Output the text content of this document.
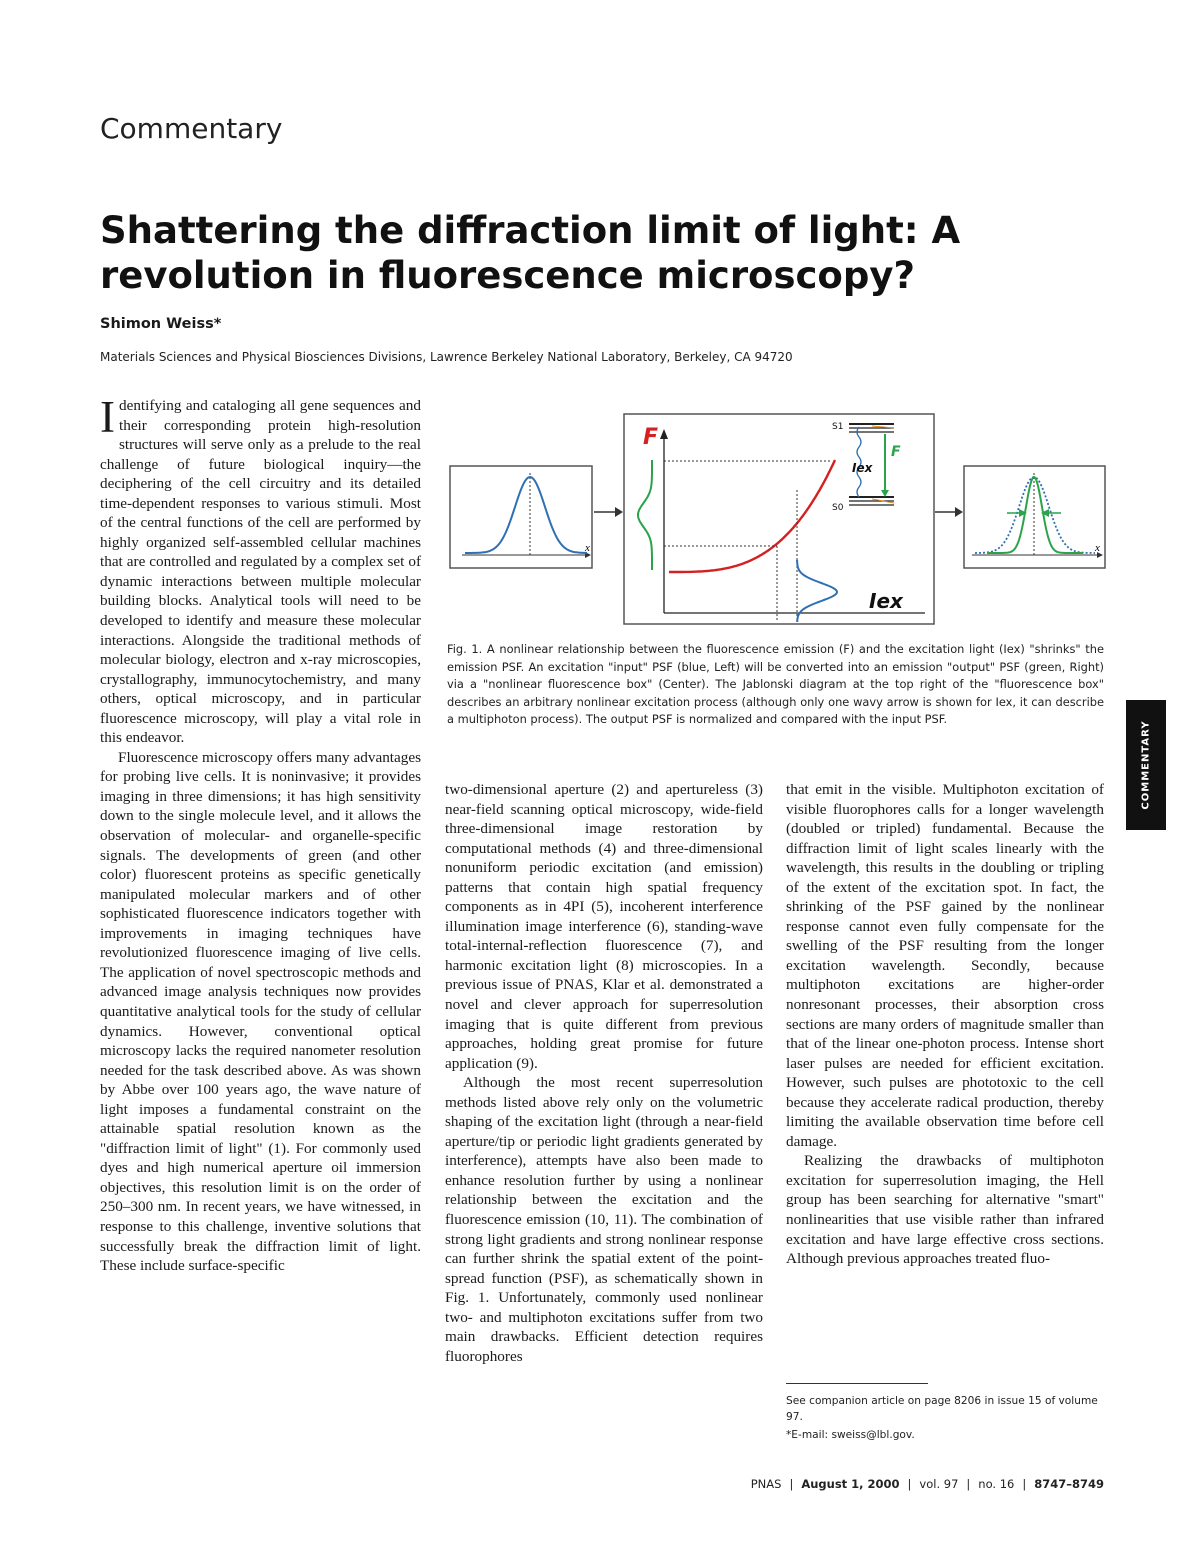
Commentary
Shattering the diffraction limit of light: A revolution in fluorescence microscopy?
Shimon Weiss*
Materials Sciences and Physical Biosciences Divisions, Lawrence Berkeley National Laboratory, Berkeley, CA 94720

Identifying and cataloging all gene sequences and their corresponding protein high-resolution structures will serve only as a prelude to the real challenge of future biological inquiry—the deciphering of the cell circuitry and its detailed time-dependent responses to various stimuli. Most of the central functions of the cell are performed by highly organized self-assembled cellular machines that are controlled and regulated by a complex set of dynamic interactions between multiple molecular building blocks. Analytical tools will need to be developed to identify and measure these molecular interactions. Alongside the traditional methods of molecular biology, electron and x-ray microscopies, crystallography, immunocytochemistry, and many others, optical microscopy, and in particular fluorescence microscopy, will play a vital role in this endeavor.

Fluorescence microscopy offers many advantages for probing live cells. It is noninvasive; it provides imaging in three dimensions; it has high sensitivity down to the single molecule level, and it allows the observation of molecular- and organelle-specific signals. The developments of green (and other color) fluorescent proteins as specific genetically manipulated molecular markers and of other sophisticated fluorescence indicators together with improvements in imaging techniques have revolutionized fluorescence imaging of live cells. The application of novel spectroscopic methods and advanced image analysis techniques now provides quantitative analytical tools for the study of cellular dynamics. However, conventional optical microscopy lacks the required nanometer resolution needed for the task described above. As was shown by Abbe over 100 years ago, the wave nature of light imposes a fundamental constraint on the attainable spatial resolution known as the "diffraction limit of light" (1). For commonly used dyes and high numerical aperture oil immersion objectives, this resolution limit is on the order of 250–300 nm. In recent years, we have witnessed, in response to this challenge, inventive solutions that successfully break the diffraction limit of light. These include surface-specific

x
F
Iex
S1
S0
Iex
F
x
Fig. 1. A nonlinear relationship between the fluorescence emission (F) and the excitation light (Iex) "shrinks" the emission PSF. An excitation "input" PSF (blue, Left) will be converted into an emission "output" PSF (green, Right) via a "nonlinear fluorescence box" (Center). The Jablonski diagram at the top right of the "fluorescence box" describes an arbitrary nonlinear excitation process (although only one wavy arrow is shown for Iex, it can describe a multiphoton process). The output PSF is normalized and compared with the input PSF.

two-dimensional aperture (2) and apertureless (3) near-field scanning optical microscopy, wide-field three-dimensional image restoration by computational methods (4) and three-dimensional nonuniform periodic excitation (and emission) patterns that contain high spatial frequency components as in 4PI (5), incoherent interference illumination image interference (6), standing-wave total-internal-reflection fluorescence (7), and harmonic excitation light (8) microscopies. In a previous issue of PNAS, Klar et al. demonstrated a novel and clever approach for superresolution imaging that is quite different from previous approaches, holding great promise for future application (9).

Although the most recent superresolution methods listed above rely only on the volumetric shaping of the excitation light (through a near-field aperture/tip or periodic light gradients generated by interference), attempts have also been made to enhance resolution further by using a nonlinear relationship between the excitation and the fluorescence emission (10, 11). The combination of strong light gradients and strong nonlinear response can further shrink the spatial extent of the point-spread function (PSF), as schematically shown in Fig. 1. Unfortunately, commonly used nonlinear two- and multiphoton excitations suffer from two main drawbacks. Efficient detection requires fluorophores

that emit in the visible. Multiphoton excitation of visible fluorophores calls for a longer wavelength (doubled or tripled) fundamental. Because the diffraction limit of light scales linearly with the wavelength, this results in the doubling or tripling of the extent of the excitation spot. In fact, the shrinking of the PSF gained by the nonlinear response cannot even fully compensate for the swelling of the PSF resulting from the longer excitation wavelength. Secondly, because multiphoton excitations are higher-order nonresonant processes, their absorption cross sections are many orders of magnitude smaller than that of the linear one-photon process. Intense short laser pulses are needed for efficient excitation. However, such pulses are phototoxic to the cell because they accelerate radical production, thereby limiting the available observation time before cell damage.

Realizing the drawbacks of multiphoton excitation for superresolution imaging, the Hell group has been searching for alternative "smart" nonlinearities that use visible rather than infrared excitation and have large effective cross sections. Although previous approaches treated fluo-

COMMENTARY

See companion article on page 8206 in issue 15 of volume 97.

*E-mail: sweiss@lbl.gov.

PNAS | August 1, 2000 | vol. 97 | no. 16 | 8747–8749
